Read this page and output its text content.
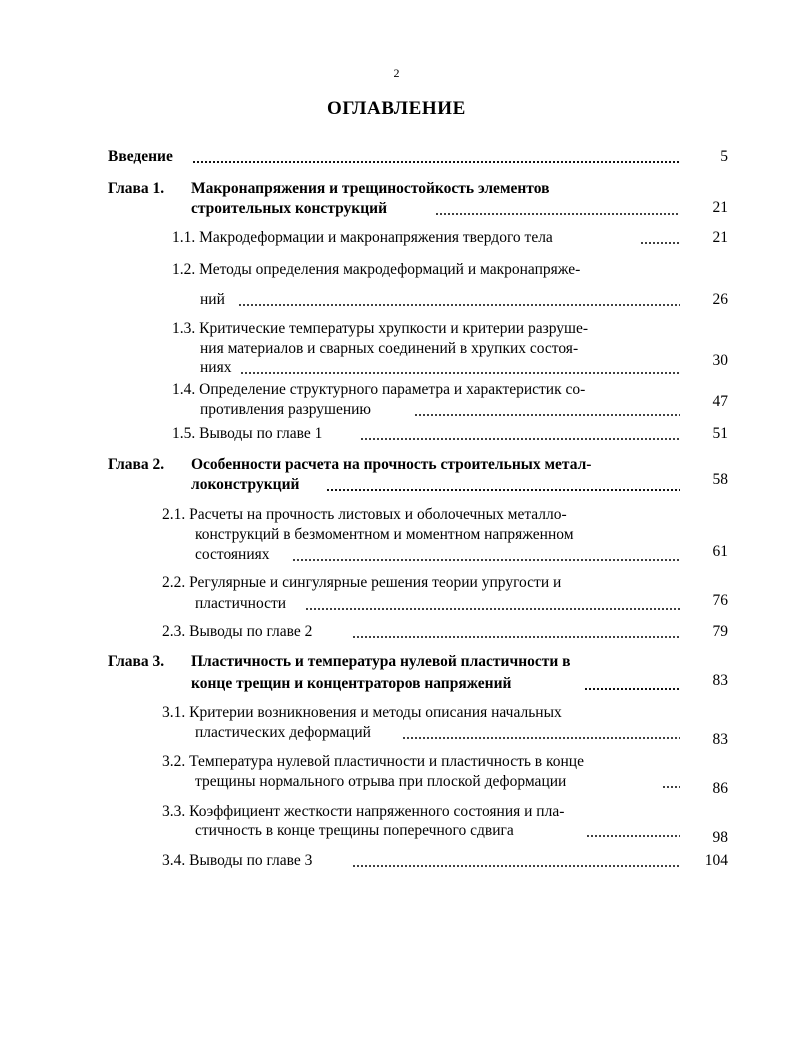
2
ОГЛАВЛЕНИЕ
Введение	5
Глава 1. Макронапряжения и трещиностойкость элементов
строительных конструкций	21
1.1. Макродеформации и макронапряжения твердого тела	21
1.2. Методы определения макродеформаций и макронапряже-
ний	26
1.3. Критические температуры хрупкости и критерии разруше-
ния материалов и сварных соединений в хрупких состоя-
ниях	30
1.4. Определение структурного параметра и характеристик со-
противления разрушению	47
1.5. Выводы по главе 1	51
Глава 2. Особенности расчета на прочность строительных метал-
локонструкций	58
2.1. Расчеты на прочность листовых и оболочечных металло-
конструкций в безмоментном и моментном напряженном
состояниях	61
2.2. Регулярные и сингулярные решения теории упругости и
пластичности	76
2.3. Выводы по главе 2	79
Глава 3. Пластичность и температура нулевой пластичности в
конце трещин и концентраторов напряжений	83
3.1. Критерии возникновения и методы описания начальных
пластических деформаций	83
3.2. Температура нулевой пластичности и пластичность в конце
трещины нормального отрыва при плоской деформации	86
3.3. Коэффициент жесткости напряженного состояния и пла-
стичность в конце трещины поперечного сдвига	98
3.4. Выводы по главе 3	104
